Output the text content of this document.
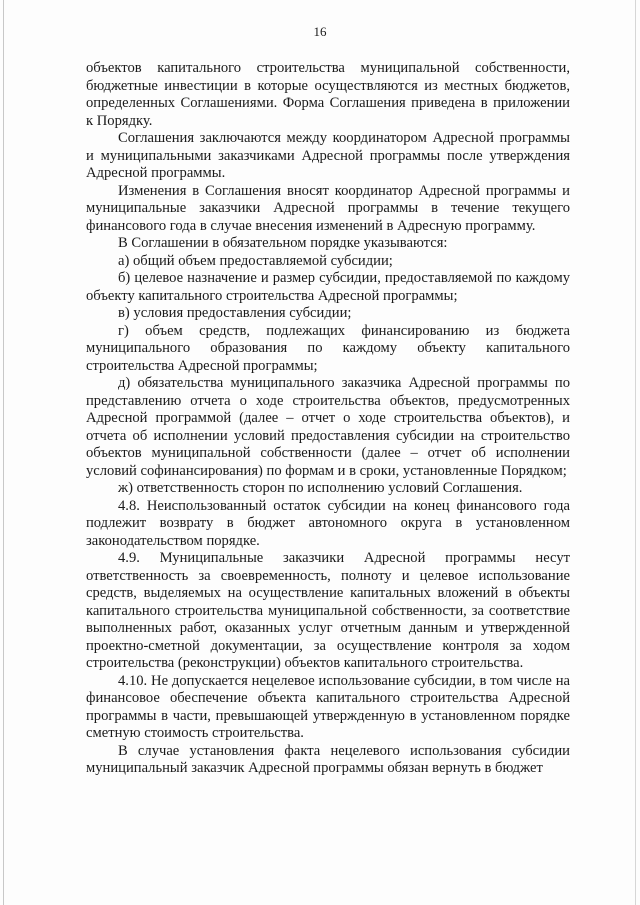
16

объектов капитального строительства муниципальной собственности, бюджетные инвестиции в которые осуществляются из местных бюджетов, определенных Соглашениями. Форма Соглашения приведена в приложении к Порядку.

Соглашения заключаются между координатором Адресной программы и муниципальными заказчиками Адресной программы после утверждения Адресной программы.

Изменения в Соглашения вносят координатор Адресной программы и муниципальные заказчики Адресной программы в течение текущего финансового года в случае внесения изменений в Адресную программу.

В Соглашении в обязательном порядке указываются:

а) общий объем предоставляемой субсидии;

б) целевое назначение и размер субсидии, предоставляемой по каждому объекту капитального строительства Адресной программы;

в) условия предоставления субсидии;

г) объем средств, подлежащих финансированию из бюджета муниципального образования по каждому объекту капитального строительства Адресной программы;

д) обязательства муниципального заказчика Адресной программы по представлению отчета о ходе строительства объектов, предусмотренных Адресной программой (далее – отчет о ходе строительства объектов), и отчета об исполнении условий предоставления субсидии на строительство объектов муниципальной собственности (далее – отчет об исполнении условий софинансирования) по формам и в сроки, установленные Порядком;

ж) ответственность сторон по исполнению условий Соглашения.

4.8. Неиспользованный остаток субсидии на конец финансового года подлежит возврату в бюджет автономного округа в установленном законодательством порядке.

4.9. Муниципальные заказчики Адресной программы несут ответственность за своевременность, полноту и целевое использование средств, выделяемых на осуществление капитальных вложений в объекты капитального строительства муниципальной собственности, за соответствие выполненных работ, оказанных услуг отчетным данным и утвержденной проектно-сметной документации, за осуществление контроля за ходом строительства (реконструкции) объектов капитального строительства.

4.10. Не допускается нецелевое использование субсидии, в том числе на финансовое обеспечение объекта капитального строительства Адресной программы в части, превышающей утвержденную в установленном порядке сметную стоимость строительства.

В случае установления факта нецелевого использования субсидии муниципальный заказчик Адресной программы обязан вернуть в бюджет
